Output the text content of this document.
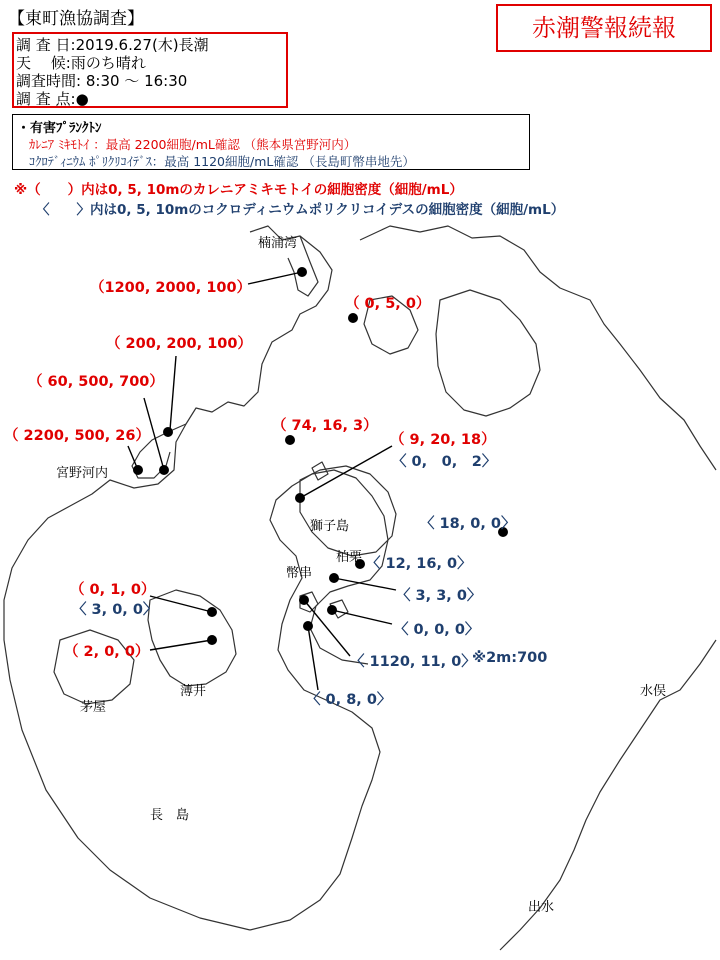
【東町漁協調査】	赤潮警報続報
調 査 日:2019.6.27(木)長潮
天　 候:雨のち晴れ
調査時間: 8:30 ～ 16:30
調 査 点:●
・有害ﾌﾟﾗﾝｸﾄﾝ
ｶﾚﾆｱ ﾐｷﾓﾄｲ ：最高 2200細胞/mL確認 （熊本県宮野河内）
ｺｸﾛﾃﾞｨﾆｳﾑ ﾎﾟﾘｸﾘｺｲﾃﾞｽ：最高 1120細胞/mL確認 （長島町幣串地先）
※（　　）内は0, 5, 10mのカレニアミキモトイの細胞密度（細胞/mL）
〈　　〉内は0, 5, 10mのコクロディニウムポリクリコイデスの細胞密度（細胞/mL）
楠浦湾
宮野河内
獅子島
柏栗
幣串
水俣
茅屋
薄井
長　島
出水
（1200, 2000, 100）
（ 0, 5, 0）
（ 200, 200, 100）
（ 60, 500, 700）
（ 2200, 500, 26）
（ 74, 16, 3）
（ 9, 20, 18）
〈 0,　0,　2〉
〈 18, 0, 0〉
〈 12, 16, 0〉
〈 3, 3, 0〉
〈 0, 0, 0〉
〈 1120, 11, 0〉
※2m:700
〈 0, 8, 0〉
（ 0, 1, 0）
〈 3, 0, 0〉
（ 2, 0, 0）
